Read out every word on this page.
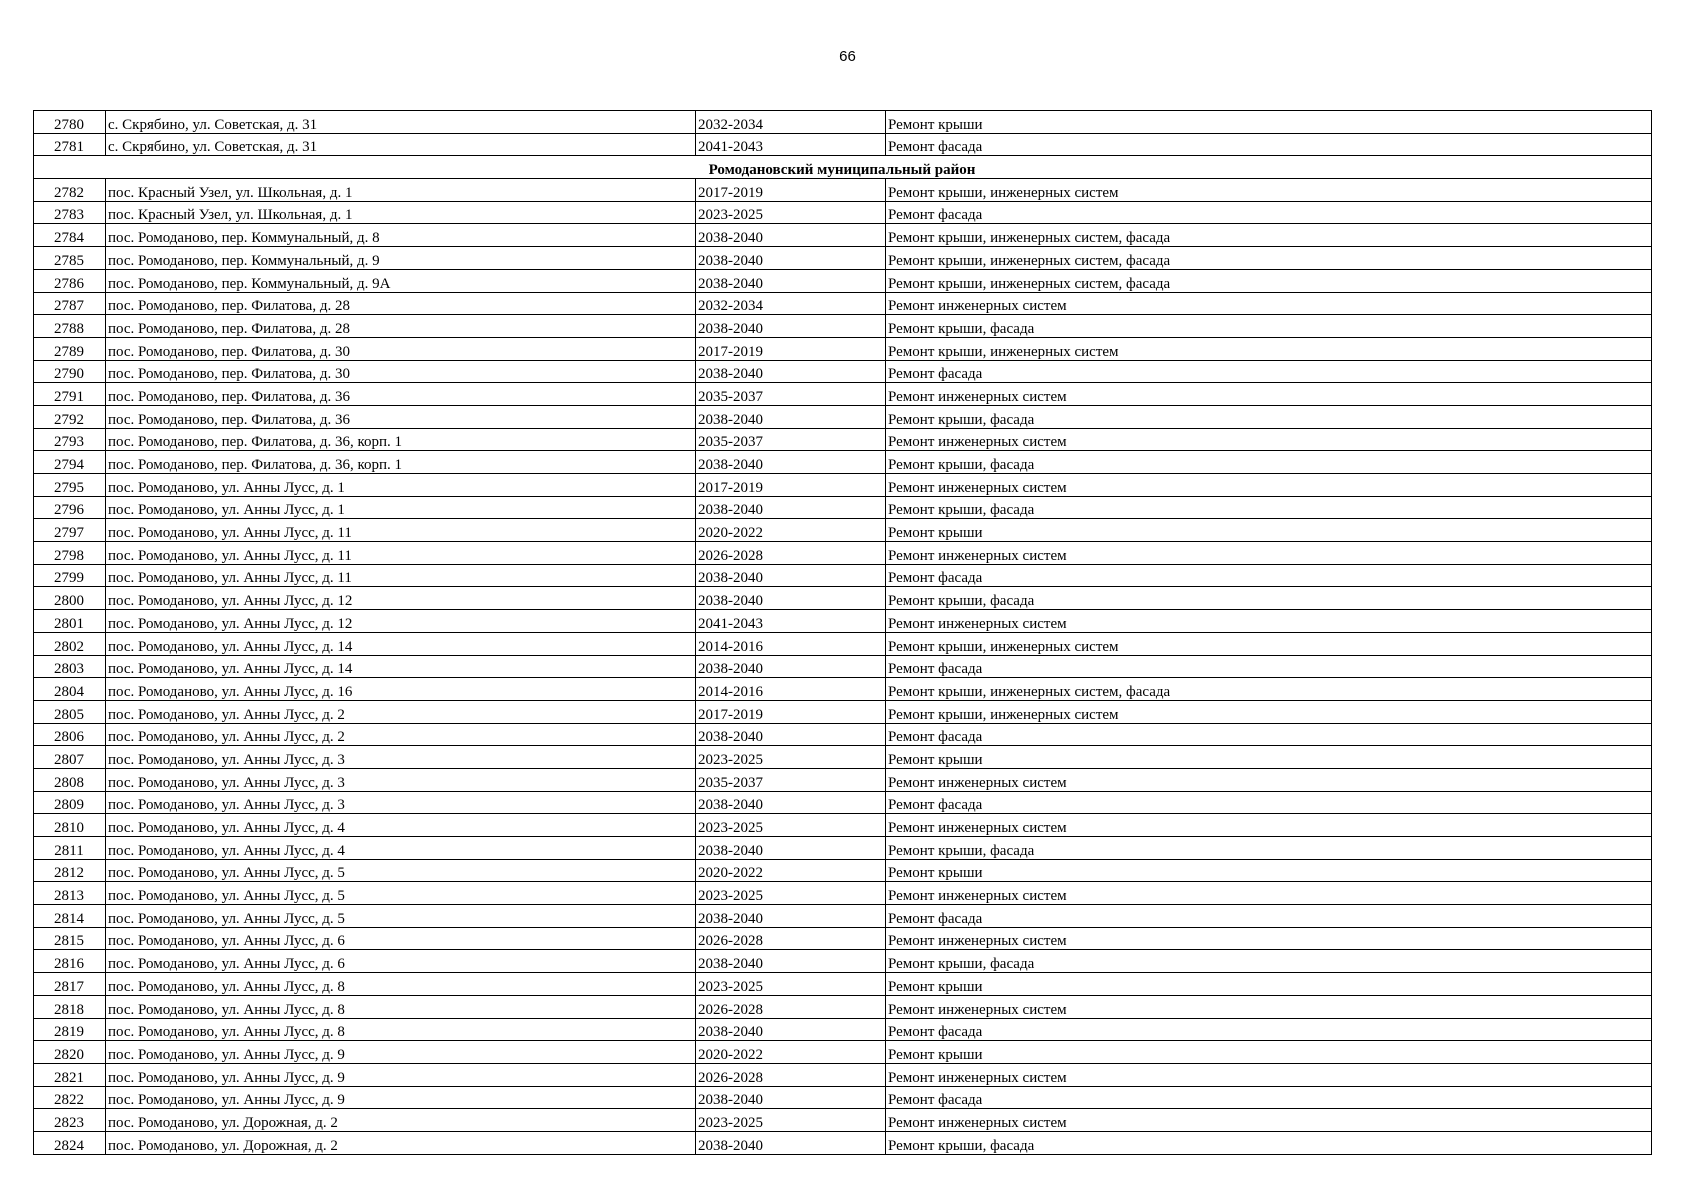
66
2780	с. Скрябино, ул. Советская, д. 31	2032-2034	Ремонт крыши
2781	с. Скрябино, ул. Советская, д. 31	2041-2043	Ремонт фасада
Ромодановский муниципальный район			
2782	пос. Красный Узел, ул. Школьная, д. 1	2017-2019	Ремонт крыши, инженерных систем
2783	пос. Красный Узел, ул. Школьная, д. 1	2023-2025	Ремонт фасада
2784	пос. Ромоданово, пер. Коммунальный, д. 8	2038-2040	Ремонт крыши, инженерных систем, фасада
2785	пос. Ромоданово, пер. Коммунальный, д. 9	2038-2040	Ремонт крыши, инженерных систем, фасада
2786	пос. Ромоданово, пер. Коммунальный, д. 9А	2038-2040	Ремонт крыши, инженерных систем, фасада
2787	пос. Ромоданово, пер. Филатова, д. 28	2032-2034	Ремонт инженерных систем
2788	пос. Ромоданово, пер. Филатова, д. 28	2038-2040	Ремонт крыши, фасада
2789	пос. Ромоданово, пер. Филатова, д. 30	2017-2019	Ремонт крыши, инженерных систем
2790	пос. Ромоданово, пер. Филатова, д. 30	2038-2040	Ремонт фасада
2791	пос. Ромоданово, пер. Филатова, д. 36	2035-2037	Ремонт инженерных систем
2792	пос. Ромоданово, пер. Филатова, д. 36	2038-2040	Ремонт крыши, фасада
2793	пос. Ромоданово, пер. Филатова, д. 36, корп. 1	2035-2037	Ремонт инженерных систем
2794	пос. Ромоданово, пер. Филатова, д. 36, корп. 1	2038-2040	Ремонт крыши, фасада
2795	пос. Ромоданово, ул. Анны Лусс, д. 1	2017-2019	Ремонт инженерных систем
2796	пос. Ромоданово, ул. Анны Лусс, д. 1	2038-2040	Ремонт крыши, фасада
2797	пос. Ромоданово, ул. Анны Лусс, д. 11	2020-2022	Ремонт крыши
2798	пос. Ромоданово, ул. Анны Лусс, д. 11	2026-2028	Ремонт инженерных систем
2799	пос. Ромоданово, ул. Анны Лусс, д. 11	2038-2040	Ремонт фасада
2800	пос. Ромоданово, ул. Анны Лусс, д. 12	2038-2040	Ремонт крыши, фасада
2801	пос. Ромоданово, ул. Анны Лусс, д. 12	2041-2043	Ремонт инженерных систем
2802	пос. Ромоданово, ул. Анны Лусс, д. 14	2014-2016	Ремонт крыши, инженерных систем
2803	пос. Ромоданово, ул. Анны Лусс, д. 14	2038-2040	Ремонт фасада
2804	пос. Ромоданово, ул. Анны Лусс, д. 16	2014-2016	Ремонт крыши, инженерных систем, фасада
2805	пос. Ромоданово, ул. Анны Лусс, д. 2	2017-2019	Ремонт крыши, инженерных систем
2806	пос. Ромоданово, ул. Анны Лусс, д. 2	2038-2040	Ремонт фасада
2807	пос. Ромоданово, ул. Анны Лусс, д. 3	2023-2025	Ремонт крыши
2808	пос. Ромоданово, ул. Анны Лусс, д. 3	2035-2037	Ремонт инженерных систем
2809	пос. Ромоданово, ул. Анны Лусс, д. 3	2038-2040	Ремонт фасада
2810	пос. Ромоданово, ул. Анны Лусс, д. 4	2023-2025	Ремонт инженерных систем
2811	пос. Ромоданово, ул. Анны Лусс, д. 4	2038-2040	Ремонт крыши, фасада
2812	пос. Ромоданово, ул. Анны Лусс, д. 5	2020-2022	Ремонт крыши
2813	пос. Ромоданово, ул. Анны Лусс, д. 5	2023-2025	Ремонт инженерных систем
2814	пос. Ромоданово, ул. Анны Лусс, д. 5	2038-2040	Ремонт фасада
2815	пос. Ромоданово, ул. Анны Лусс, д. 6	2026-2028	Ремонт инженерных систем
2816	пос. Ромоданово, ул. Анны Лусс, д. 6	2038-2040	Ремонт крыши, фасада
2817	пос. Ромоданово, ул. Анны Лусс, д. 8	2023-2025	Ремонт крыши
2818	пос. Ромоданово, ул. Анны Лусс, д. 8	2026-2028	Ремонт инженерных систем
2819	пос. Ромоданово, ул. Анны Лусс, д. 8	2038-2040	Ремонт фасада
2820	пос. Ромоданово, ул. Анны Лусс, д. 9	2020-2022	Ремонт крыши
2821	пос. Ромоданово, ул. Анны Лусс, д. 9	2026-2028	Ремонт инженерных систем
2822	пос. Ромоданово, ул. Анны Лусс, д. 9	2038-2040	Ремонт фасада
2823	пос. Ромоданово, ул. Дорожная, д. 2	2023-2025	Ремонт инженерных систем
2824	пос. Ромоданово, ул. Дорожная, д. 2	2038-2040	Ремонт крыши, фасада
